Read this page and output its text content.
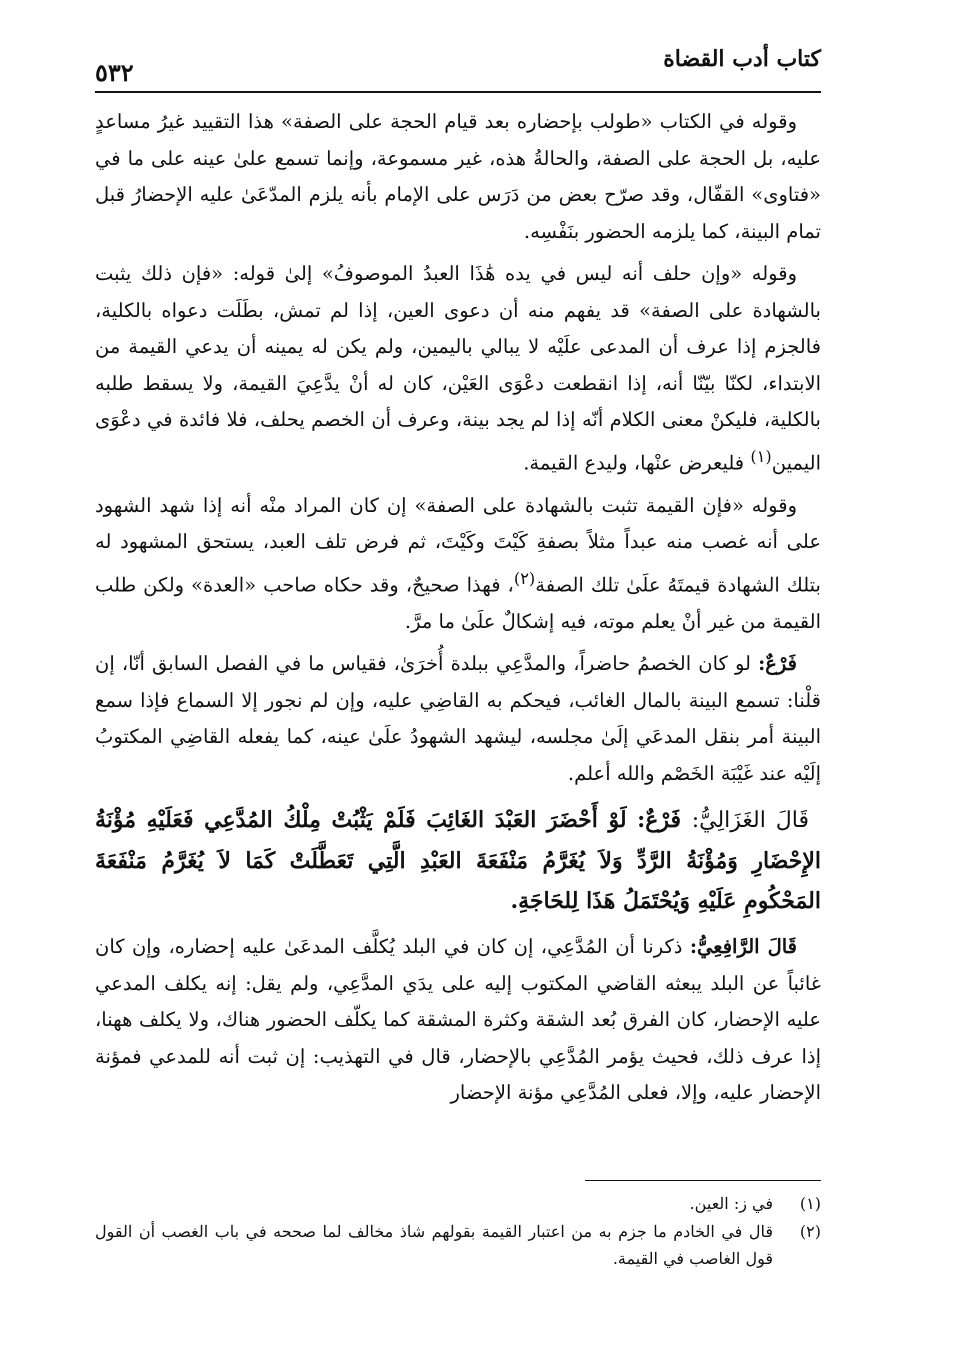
كتاب أدب القضاة
٥٣٢

وقوله في الكتاب «طولب بإحضاره بعد قيام الحجة على الصفة» هذا التقييد غيرُ مساعدٍ عليه، بل الحجة على الصفة، والحالةُ هذه، غير مسموعة، وإنما تسمع علىٰ عينه على ما في «فتاوى» القفّال، وقد صرّح بعض من دَرَس على الإمام بأنه يلزم المدّعَىٰ عليه الإحضارُ قبل تمام البينة، كما يلزمه الحضور بنَفْسِه.

وقوله «وإن حلف أنه ليس في يده هَٰذَا العبدُ الموصوفُ» إلىٰ قوله: «فإن ذلك يثبت بالشهادة على الصفة» قد يفهم منه أن دعوى العين، إذا لم تمش، بطَلَت دعواه بالكلية، فالجزم إذا عرف أن المدعى علَيْه لا يبالي باليمين، ولم يكن له يمينه أن يدعي القيمة من الابتداء، لكنّا بيّنّا أنه، إذا انقطعت دعْوَى العَيْن، كان له أنْ يدَّعِيَ القيمة، ولا يسقط طلبه بالكلية، فليكنْ معنى الكلام أنّه إذا لم يجد بينة، وعرف أن الخصم يحلف، فلا فائدة في دعْوَى اليمين$^{(١)}$ فليعرض عنْها، وليدع القيمة.

وقوله «فإن القيمة تثبت بالشهادة على الصفة» إن كان المراد منْه أنه إذا شهد الشهود على أنه غصب منه عبداً مثلاً بصفةِ كَيْتَ وكَيْتَ، ثم فرض تلف العبد، يستحق المشهود له بتلك الشهادة قيمتَهُ علَىٰ تلك الصفة$^{(٢)}$، فهذا صحيحٌ، وقد حكاه صاحب «العدة» ولكن طلب القيمة من غير أنْ يعلم موته، فيه إشكالٌ علَىٰ ما مرَّ.

فَرْعٌ: لو كان الخصمُ حاضراً، والمدَّعِي ببلدة أُخرَىٰ، فقياس ما في الفصل السابق أنّا، إن قلْنا: تسمع البينة بالمال الغائب، فيحكم به القاضِي عليه، وإن لم نجور إلا السماع فإذا سمع البينة أمر بنقل المدعَي إلَىٰ مجلسه، ليشهد الشهودُ علَىٰ عينه، كما يفعله القاضِي المكتوبُ إلَيْه عند غَيْبَة الخَصْم والله أعلم.

قَالَ الغَزَالِيُّ: فَرْعٌ: لَوْ أَحْضَرَ العَبْدَ الغَائِبَ فَلَمْ يَثْبُتْ مِلْكُ المُدَّعِي فَعَلَيْهِ مُؤْنَةُ الإِحْضَارِ وَمُؤْنَةُ الرَّدِّ وَلاَ يُغَرَّمُ مَنْفَعَةَ العَبْدِ الَّتِي تَعَطَّلَتْ كَمَا لاَ يُغَرَّمُ مَنْفَعَةَ المَحْكُومِ عَلَيْهِ وَيُحْتَمَلُ هَذَا لِلحَاجَةِ.

قَالَ الرَّافِعِيُّ: ذكرنا أن المُدَّعِي، إن كان في البلد يُكلَّف المدعَىٰ عليه إحضاره، وإن كان غائباً عن البلد يبعثه القاضي المكتوب إليه على يدَي المدَّعِي، ولم يقل: إنه يكلف المدعي عليه الإحضار، كان الفرق بُعد الشقة وكثرة المشقة كما يكلّف الحضور هناك، ولا يكلف ههنا، إذا عرف ذلك، فحيث يؤمر المُدَّعِي بالإحضار، قال في التهذيب: إن ثبت أنه للمدعي فمؤنة الإحضار عليه، وإلا، فعلى المُدَّعِي مؤنة الإحضار

(١)
في ز: العين.
(٢)
قال في الخادم ما جزم به من اعتبار القيمة بقولهم شاذ مخالف لما صححه في باب الغصب أن القول قول الغاصب في القيمة.
